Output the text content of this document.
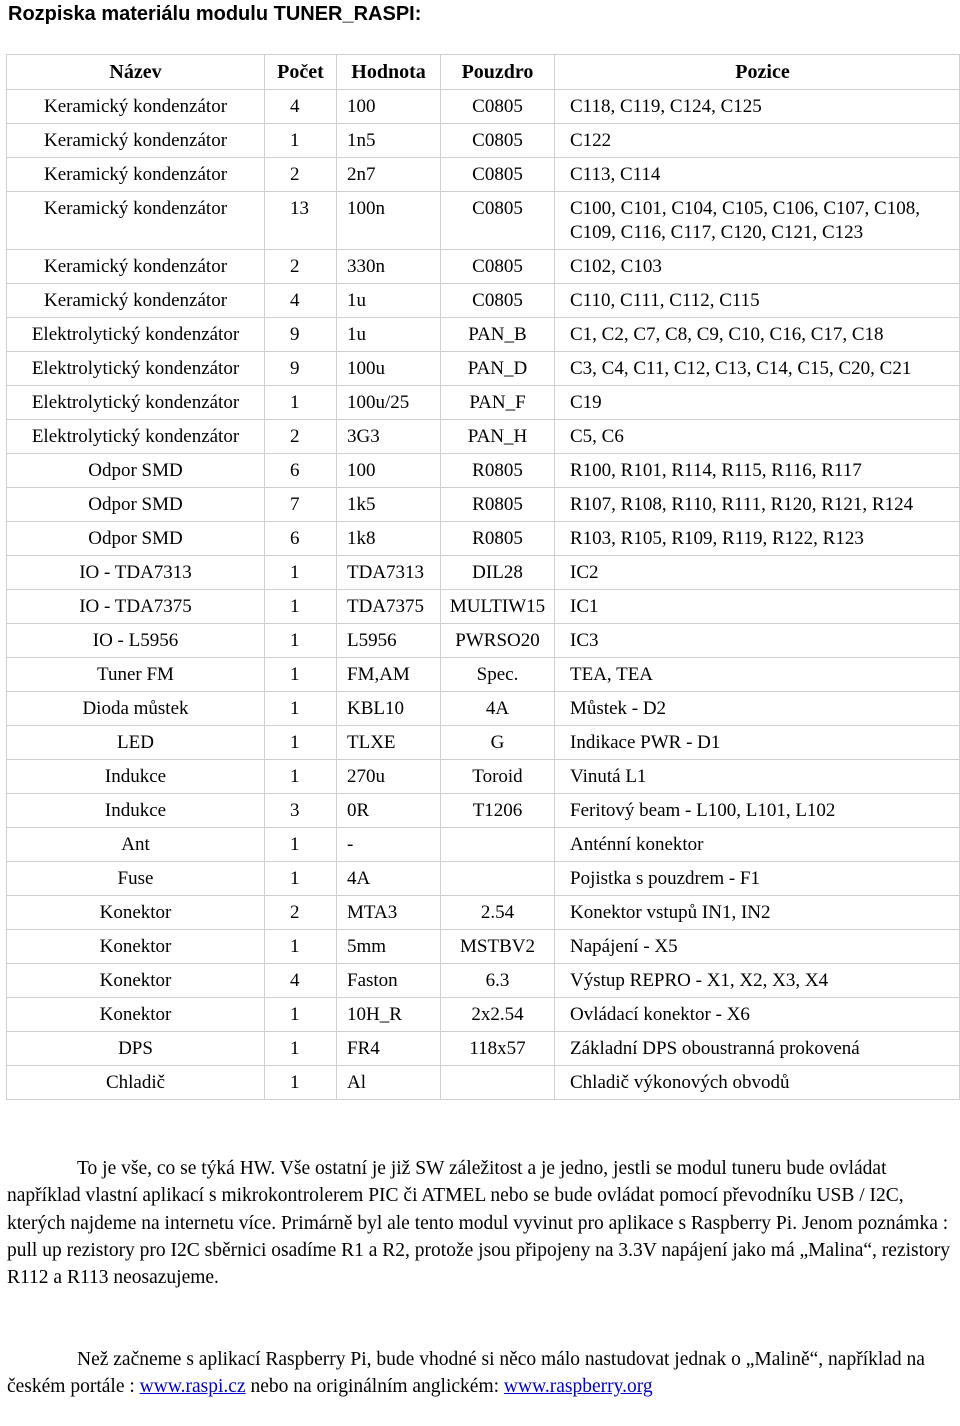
Rozpiska materiálu modulu TUNER_RASPI:
Název	Počet	Hodnota	Pouzdro	Pozice
Keramický kondenzátor	4	100	C0805	C118, C119, C124, C125
Keramický kondenzátor	1	1n5	C0805	C122
Keramický kondenzátor	2	2n7	C0805	C113, C114
Keramický kondenzátor	13	100n	C0805	C100, C101, C104, C105, C106, C107, C108, C109, C116, C117, C120, C121, C123
Keramický kondenzátor	2	330n	C0805	C102, C103
Keramický kondenzátor	4	1u	C0805	C110, C111, C112, C115
Elektrolytický kondenzátor	9	1u	PAN_B	C1, C2, C7, C8, C9, C10, C16, C17, C18
Elektrolytický kondenzátor	9	100u	PAN_D	C3, C4, C11, C12, C13, C14, C15, C20, C21
Elektrolytický kondenzátor	1	100u/25	PAN_F	C19
Elektrolytický kondenzátor	2	3G3	PAN_H	C5, C6
Odpor SMD	6	100	R0805	R100, R101, R114, R115, R116, R117
Odpor SMD	7	1k5	R0805	R107, R108, R110, R111, R120, R121, R124
Odpor SMD	6	1k8	R0805	R103, R105, R109, R119, R122, R123
IO - TDA7313	1	TDA7313	DIL28	IC2
IO - TDA7375	1	TDA7375	MULTIW15	IC1
IO - L5956	1	L5956	PWRSO20	IC3
Tuner FM	1	FM,AM	Spec.	TEA, TEA
Dioda můstek	1	KBL10	4A	Můstek - D2
LED	1	TLXE	G	Indikace PWR - D1
Indukce	1	270u	Toroid	Vinutá L1
Indukce	3	0R	T1206	Feritový beam - L100, L101, L102
Ant	1	-		Anténní konektor
Fuse	1	4A		Pojistka s pouzdrem - F1
Konektor	2	MTA3	2.54	Konektor vstupů IN1, IN2
Konektor	1	5mm	MSTBV2	Napájení - X5
Konektor	4	Faston	6.3	Výstup REPRO - X1, X2, X3, X4
Konektor	1	10H_R	2x2.54	Ovládací konektor - X6
DPS	1	FR4	118x57	Základní DPS oboustranná prokovená
Chladič	1	Al		Chladič výkonových obvodů
To je vše, co se týká HW. Vše ostatní je již SW záležitost a je jedno, jestli se modul tuneru bude ovládat například vlastní aplikací s mikrokontrolerem PIC či ATMEL nebo se bude ovládat pomocí převodníku USB / I2C, kterých najdeme na internetu více. Primárně byl ale tento modul vyvinut pro aplikace s Raspberry Pi. Jenom poznámka : pull up rezistory pro I2C sběrnici osadíme R1 a R2, protože jsou připojeny na 3.3V napájení jako má „Malina“, rezistory R112 a R113 neosazujeme.
Než začneme s aplikací Raspberry Pi, bude vhodné si něco málo nastudovat jednak o „Malině“, například na českém portále : www.raspi.cz nebo na originálním anglickém: www.raspberry.org
